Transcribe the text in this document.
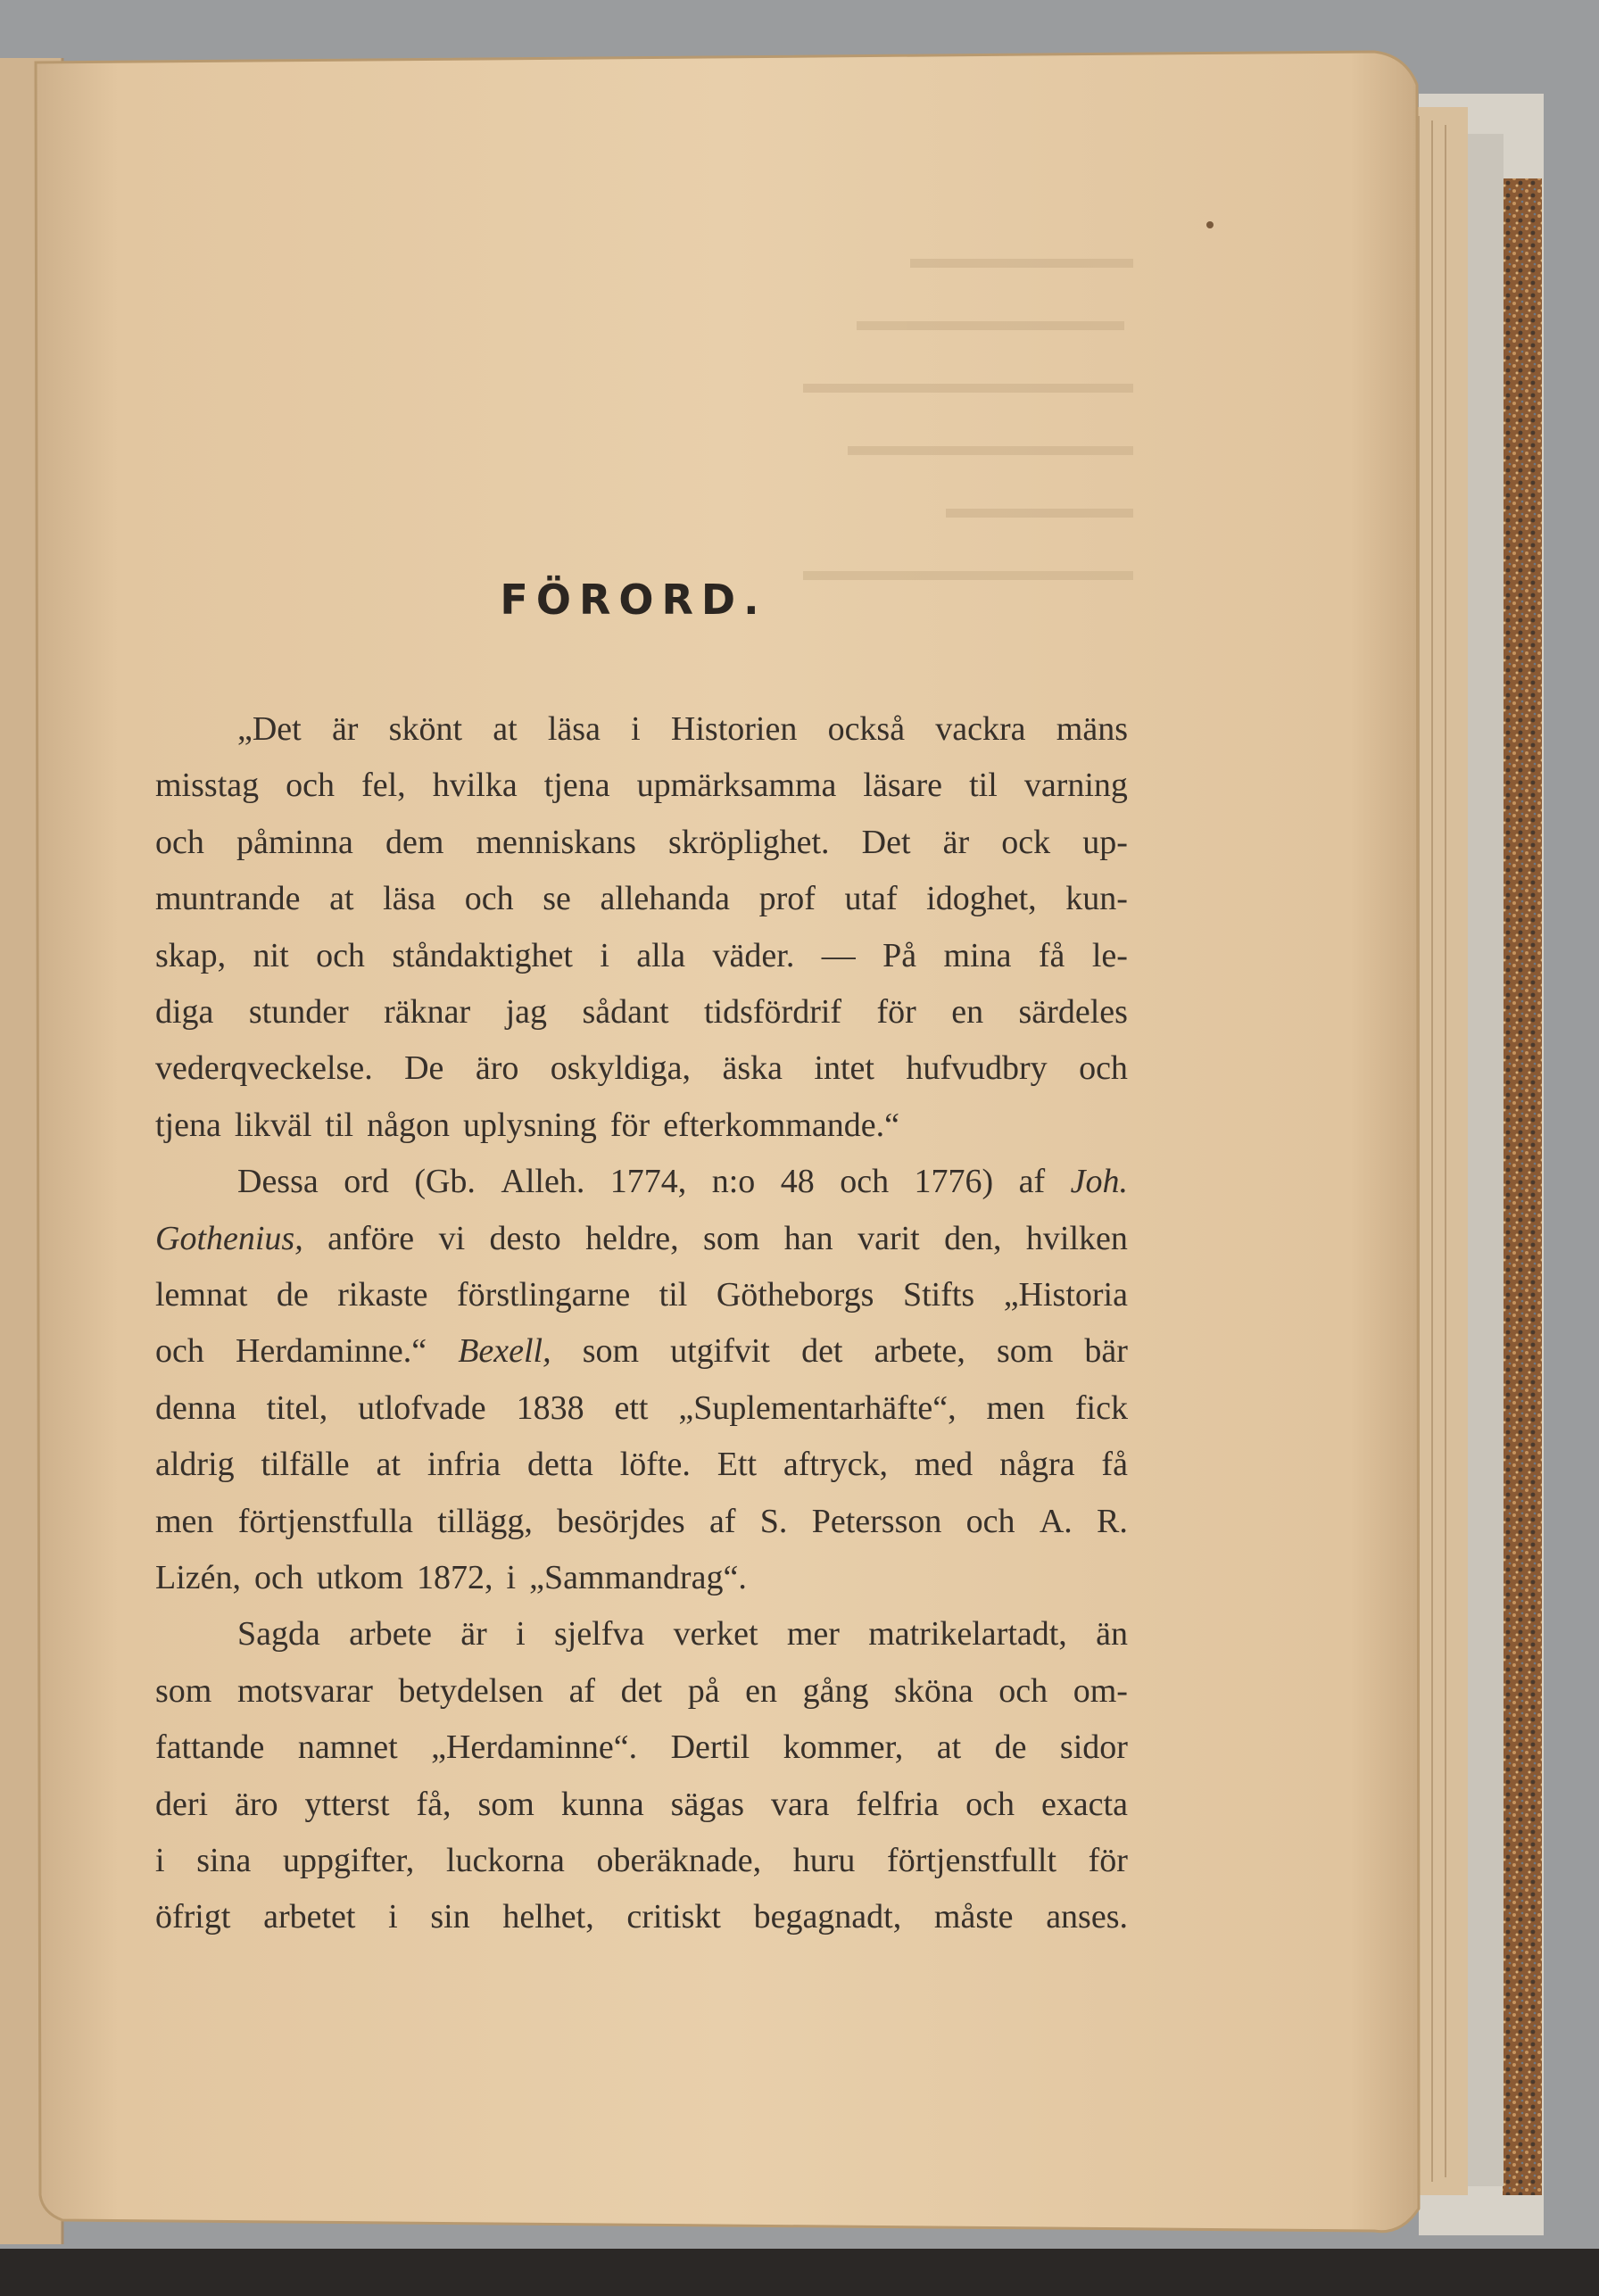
FÖRORD.
„Det är skönt at läsa i Historien också vackra mäns
misstag och fel, hvilka tjena upmärksamma läsare til varning
och påminna dem menniskans skröplighet. Det är ock up-
muntrande at läsa och se allehanda prof utaf idoghet, kun-
skap, nit och ståndaktighet i alla väder. — På mina få le-
diga stunder räknar jag sådant tidsfördrif för en särdeles
vederqveckelse. De äro oskyldiga, äska intet hufvudbry och
tjena likväl til någon uplysning för efterkommande.“
Dessa ord (Gb. Alleh. 1774, n:o 48 och 1776) af Joh.
Gothenius, anföre vi desto heldre, som han varit den, hvilken
lemnat de rikaste förstlingarne til Götheborgs Stifts „Historia
och Herdaminne.“ Bexell, som utgifvit det arbete, som bär
denna titel, utlofvade 1838 ett „Suplementarhäfte“, men fick
aldrig tilfälle at infria detta löfte. Ett aftryck, med några få
men förtjenstfulla tillägg, besörjdes af S. Petersson och A. R.
Lizén, och utkom 1872, i „Sammandrag“.
Sagda arbete är i sjelfva verket mer matrikelartadt, än
som motsvarar betydelsen af det på en gång sköna och om-
fattande namnet „Herdaminne“. Dertil kommer, at de sidor
deri äro ytterst få, som kunna sägas vara felfria och exacta
i sina uppgifter, luckorna oberäknade, huru förtjenstfullt för
öfrigt arbetet i sin helhet, critiskt begagnadt, måste anses.
